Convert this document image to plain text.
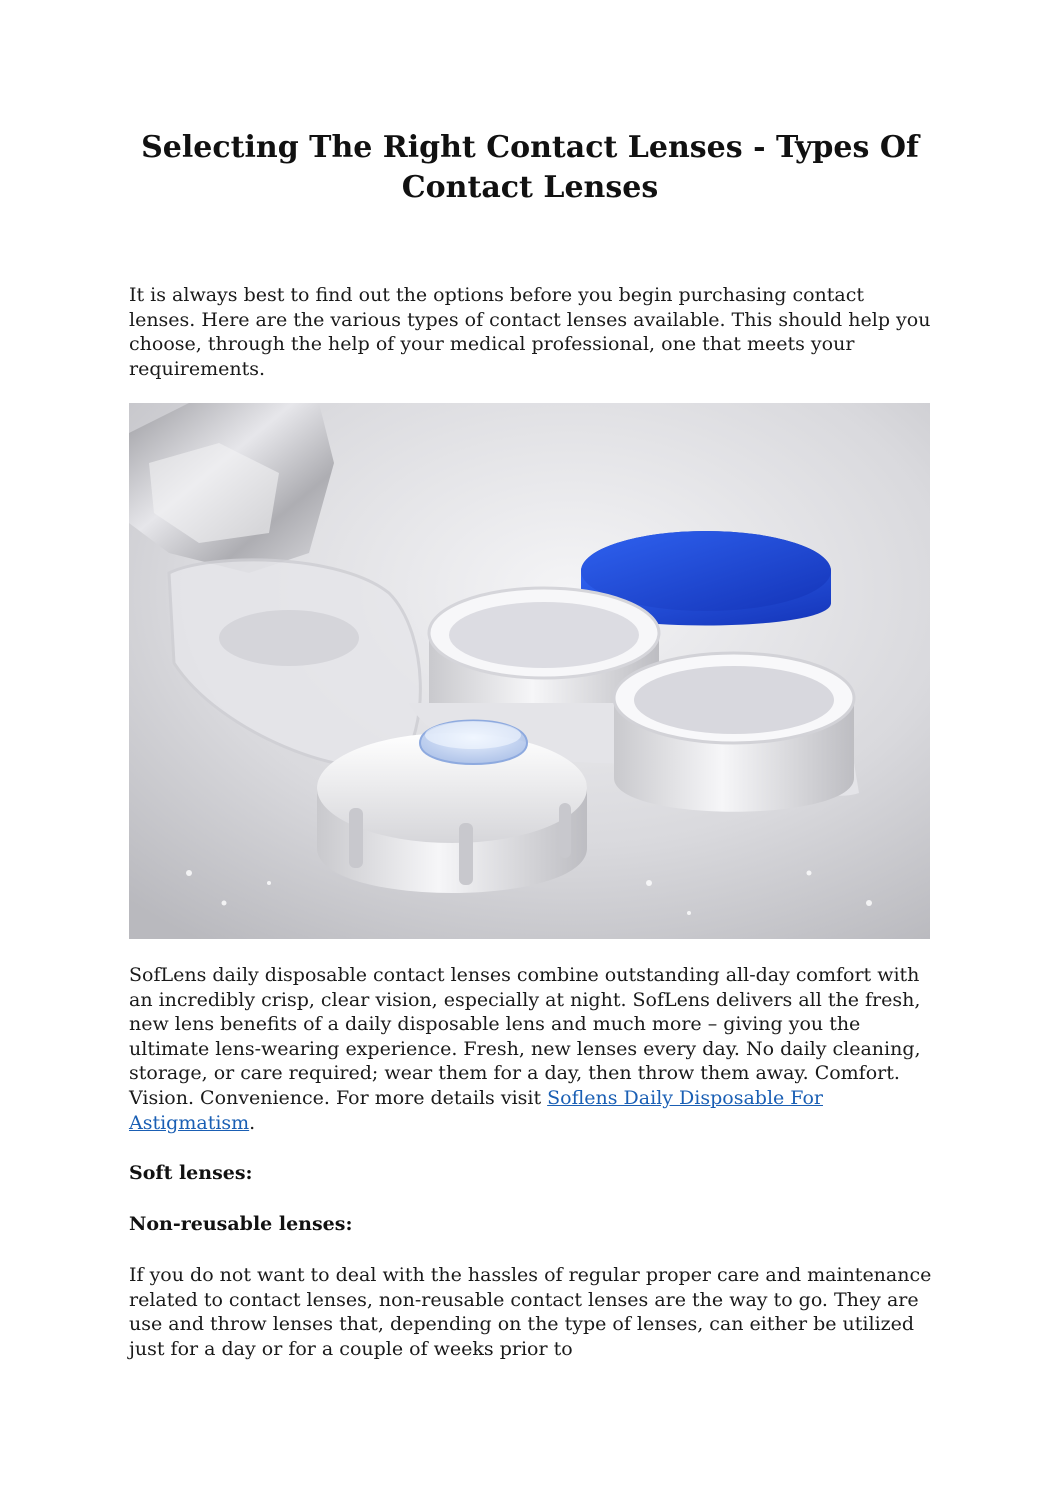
Selecting The Right Contact Lenses - Types Of Contact Lenses

It is always best to find out the options before you begin purchasing contact lenses. Here are the various types of contact lenses available. This should help you choose, through the help of your medical professional, one that meets your requirements.

SofLens daily disposable contact lenses combine outstanding all-day comfort with an incredibly crisp, clear vision, especially at night. SofLens delivers all the fresh, new lens benefits of a daily disposable lens and much more – giving you the ultimate lens-wearing experience. Fresh, new lenses every day. No daily cleaning, storage, or care required; wear them for a day, then throw them away. Comfort. Vision. Convenience. For more details visit Soflens Daily Disposable For Astigmatism.

Soft lenses:
Non-reusable lenses:

If you do not want to deal with the hassles of regular proper care and maintenance related to contact lenses, non-reusable contact lenses are the way to go. They are use and throw lenses that, depending on the type of lenses, can either be utilized just for a day or for a couple of weeks prior to
